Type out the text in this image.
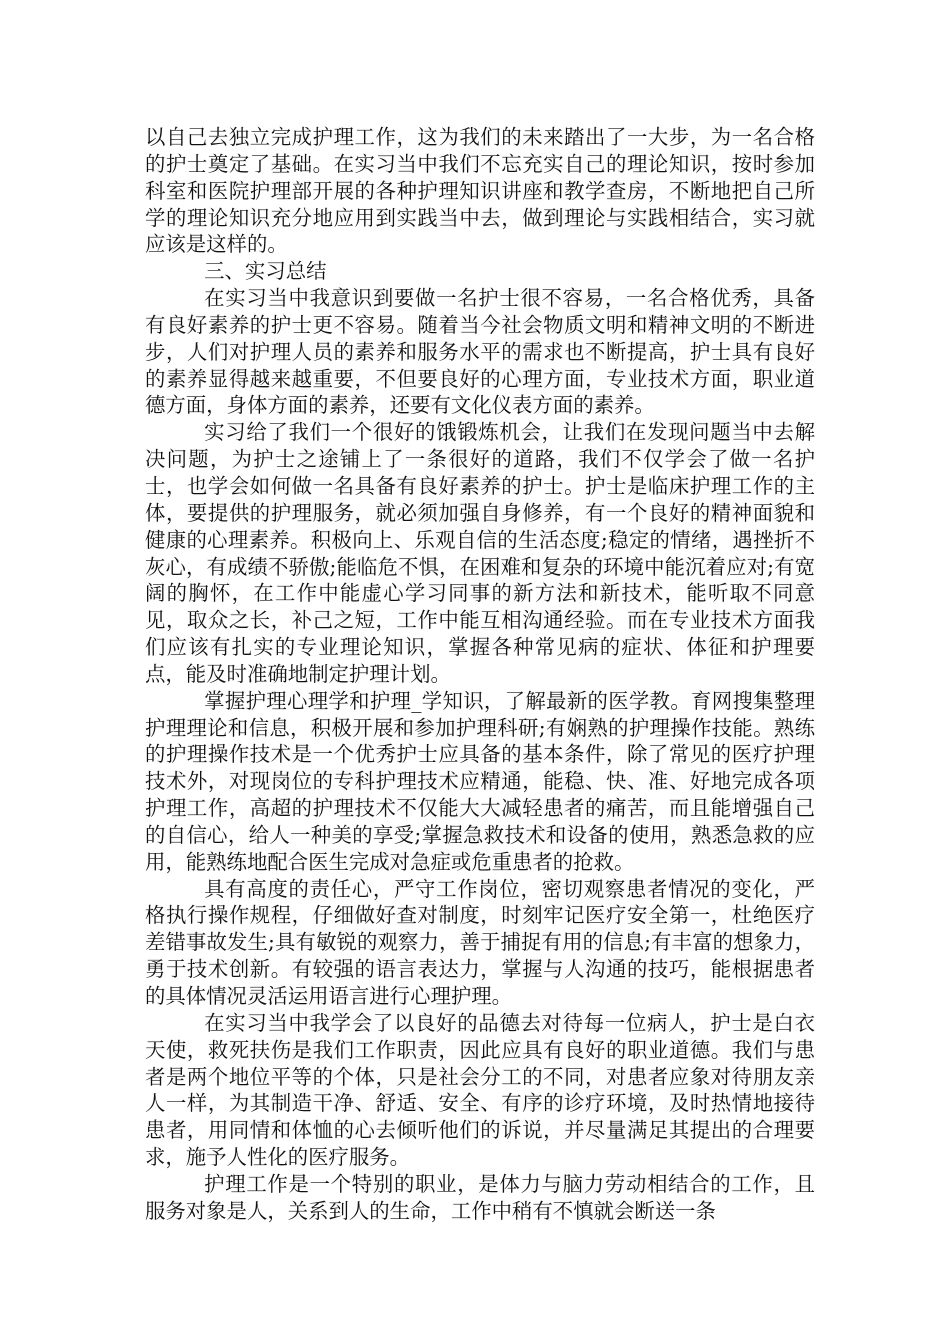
以自己去独立完成护理工作，这为我们的未来踏出了一大步，为一名合格的护士奠定了基础。在实习当中我们不忘充实自己的理论知识，按时参加科室和医院护理部开展的各种护理知识讲座和教学查房，不断地把自己所学的理论知识充分地应用到实践当中去，做到理论与实践相结合，实习就应该是这样的。

三、实习总结

在实习当中我意识到要做一名护士很不容易，一名合格优秀，具备有良好素养的护士更不容易。随着当今社会物质文明和精神文明的不断进步，人们对护理人员的素养和服务水平的需求也不断提高，护士具有良好的素养显得越来越重要，不但要良好的心理方面，专业技术方面，职业道德方面，身体方面的素养，还要有文化仪表方面的素养。

实习给了我们一个很好的饿锻炼机会，让我们在发现问题当中去解决问题，为护士之途铺上了一条很好的道路，我们不仅学会了做一名护士，也学会如何做一名具备有良好素养的护士。护士是临床护理工作的主体，要提供的护理服务，就必须加强自身修养，有一个良好的精神面貌和健康的心理素养。积极向上、乐观自信的生活态度;稳定的情绪，遇挫折不灰心，有成绩不骄傲;能临危不惧，在困难和复杂的环境中能沉着应对;有宽阔的胸怀，在工作中能虚心学习同事的新方法和新技术，能听取不同意见，取众之长，补己之短，工作中能互相沟通经验。而在专业技术方面我们应该有扎实的专业理论知识，掌握各种常见病的症状、体征和护理要点，能及时准确地制定护理计划。

掌握护理心理学和护理_学知识，了解最新的医学教。育网搜集整理护理理论和信息，积极开展和参加护理科研;有娴熟的护理操作技能。熟练的护理操作技术是一个优秀护士应具备的基本条件，除了常见的医疗护理技术外，对现岗位的专科护理技术应精通，能稳、快、准、好地完成各项护理工作，高超的护理技术不仅能大大减轻患者的痛苦，而且能增强自己的自信心，给人一种美的享受;掌握急救技术和设备的使用，熟悉急救的应用，能熟练地配合医生完成对急症或危重患者的抢救。

具有高度的责任心，严守工作岗位，密切观察患者情况的变化，严格执行操作规程，仔细做好查对制度，时刻牢记医疗安全第一，杜绝医疗差错事故发生;具有敏锐的观察力，善于捕捉有用的信息;有丰富的想象力，勇于技术创新。有较强的语言表达力，掌握与人沟通的技巧，能根据患者的具体情况灵活运用语言进行心理护理。

在实习当中我学会了以良好的品德去对待每一位病人，护士是白衣天使，救死扶伤是我们工作职责，因此应具有良好的职业道德。我们与患者是两个地位平等的个体，只是社会分工的不同，对患者应象对待朋友亲人一样，为其制造干净、舒适、安全、有序的诊疗环境，及时热情地接待患者，用同情和体恤的心去倾听他们的诉说，并尽量满足其提出的合理要求，施予人性化的医疗服务。

护理工作是一个特别的职业，是体力与脑力劳动相结合的工作，且服务对象是人，关系到人的生命，工作中稍有不慎就会断送一条
